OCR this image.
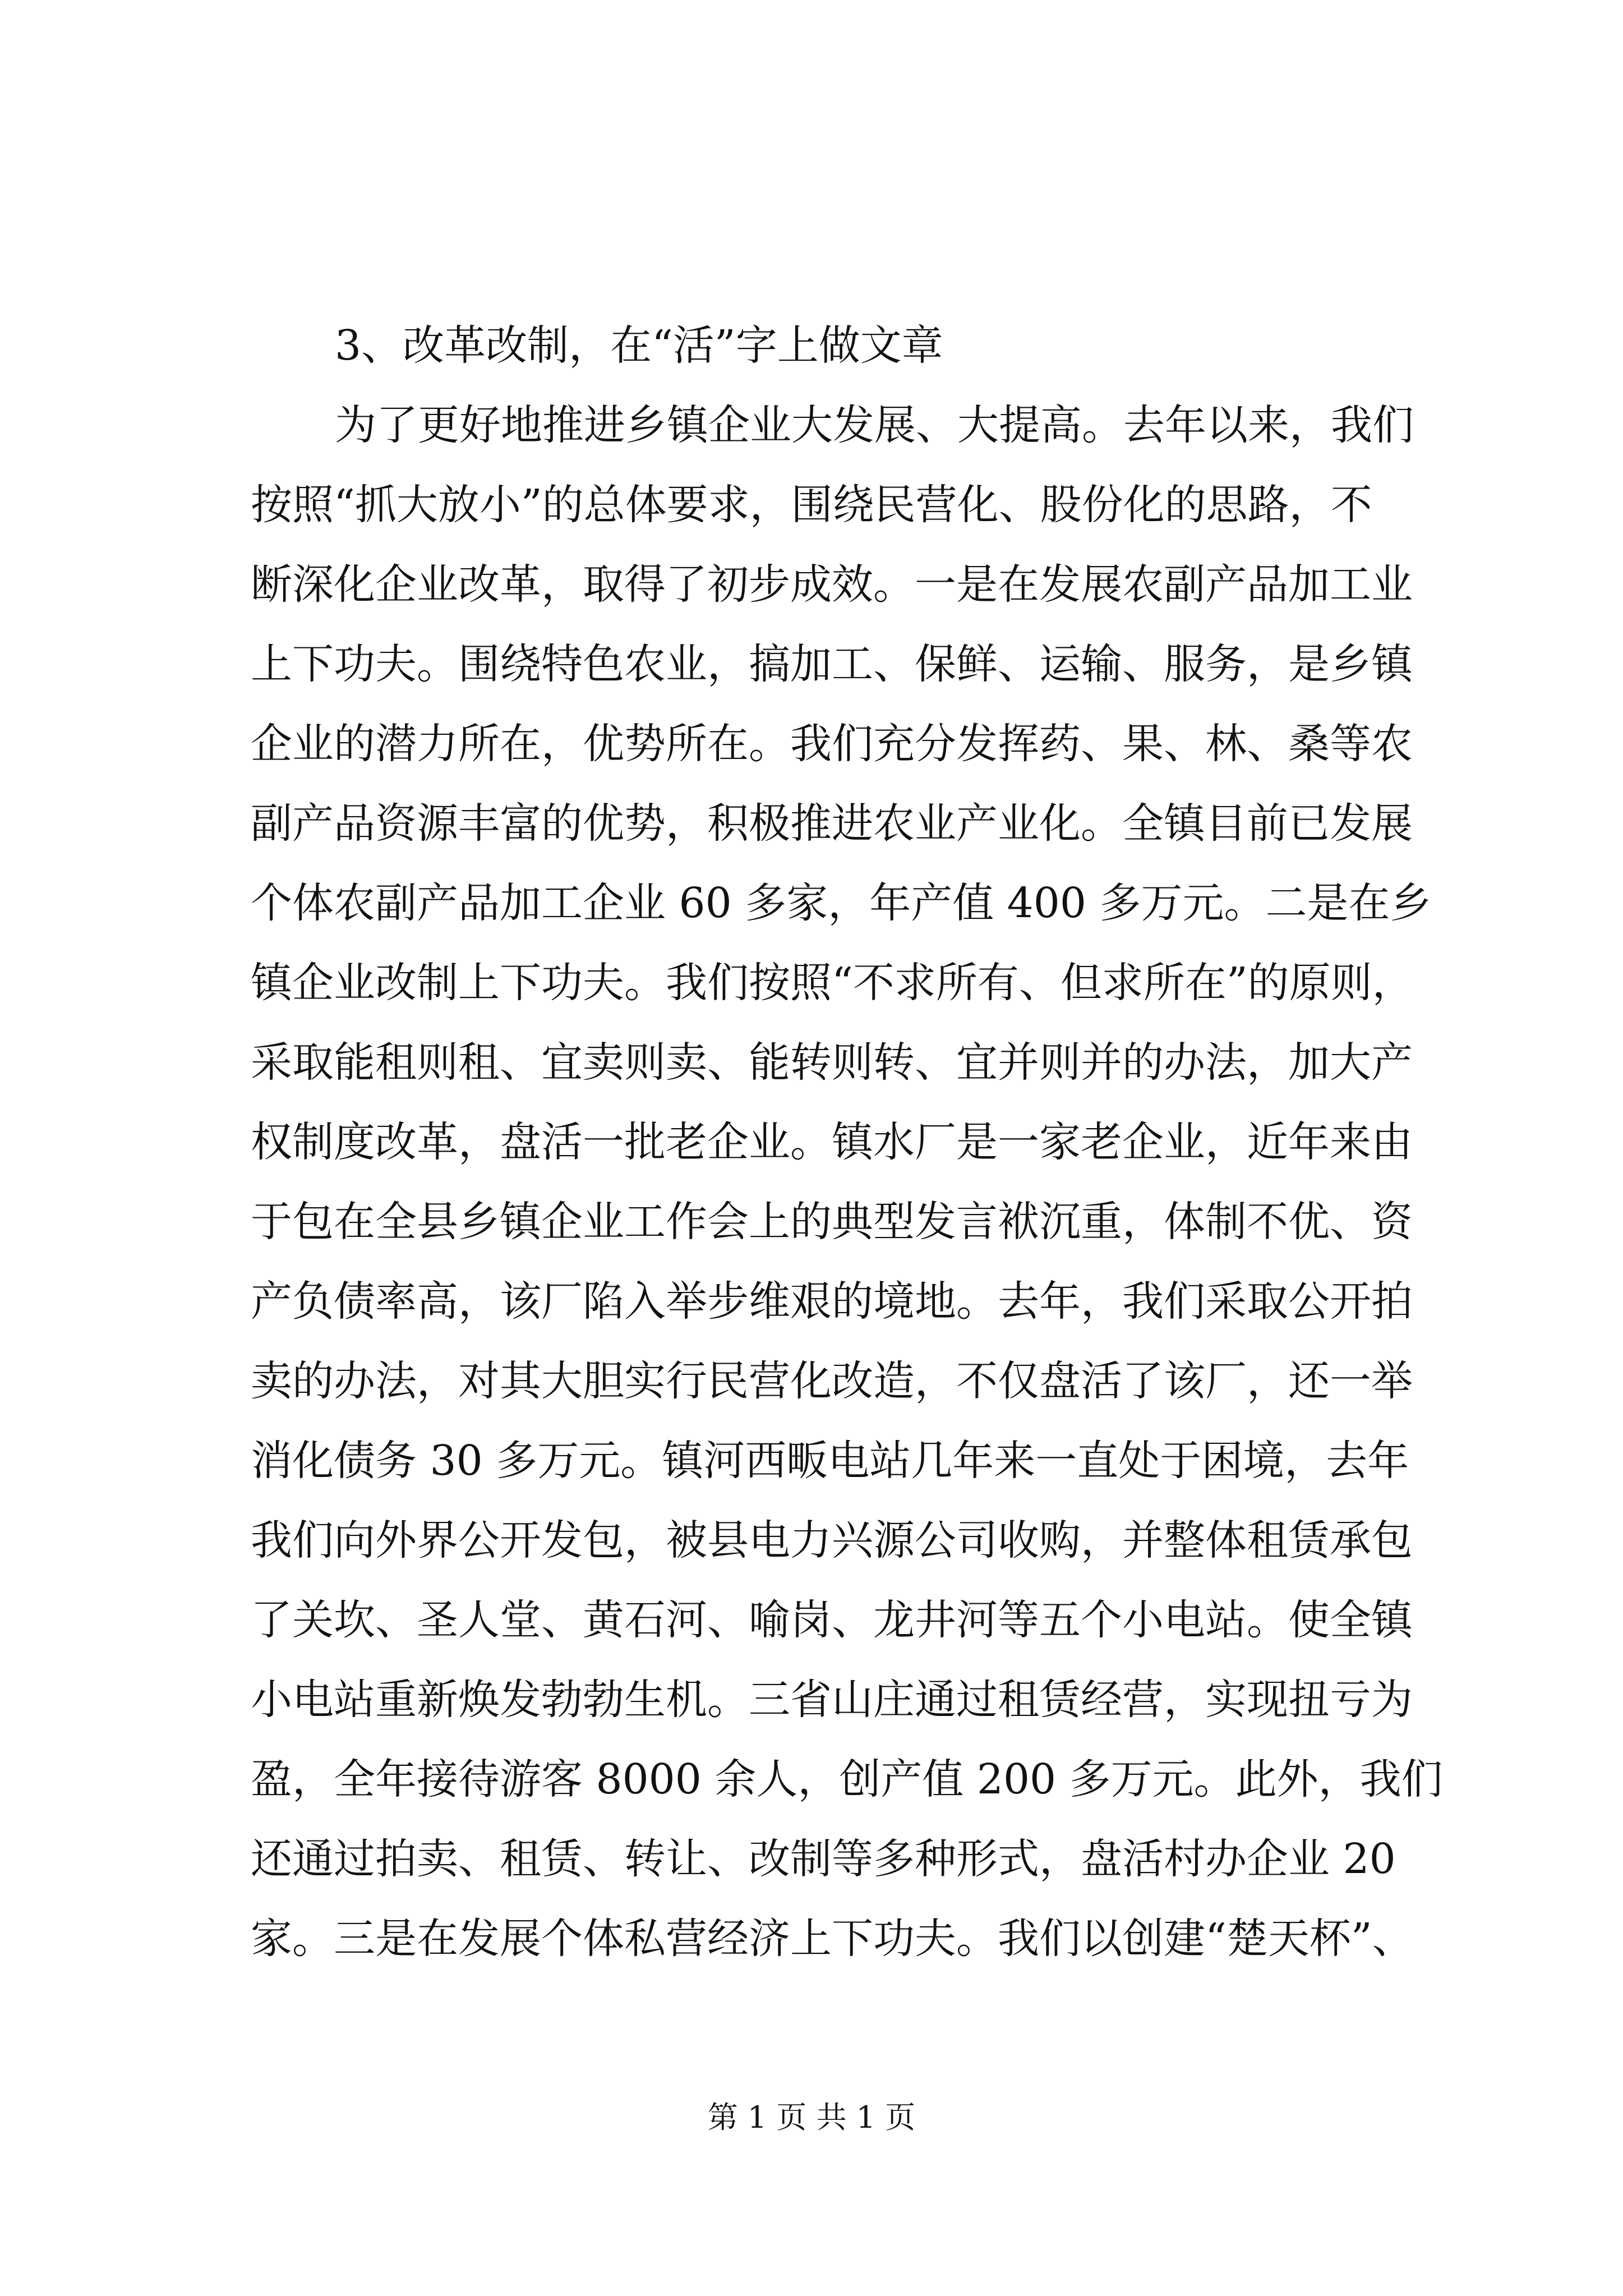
3、改革改制，在“活”字上做文章
为了更好地推进乡镇企业大发展、大提高。去年以来，我们
按照“抓大放小”的总体要求，围绕民营化、股份化的思路，不
断深化企业改革，取得了初步成效。一是在发展农副产品加工业
上下功夫。围绕特色农业，搞加工、保鲜、运输、服务，是乡镇
企业的潜力所在，优势所在。我们充分发挥药、果、林、桑等农
副产品资源丰富的优势，积极推进农业产业化。全镇目前已发展
个体农副产品加工企业 60 多家，年产值 400 多万元。二是在乡
镇企业改制上下功夫。我们按照“不求所有、但求所在”的原则，
采取能租则租、宜卖则卖、能转则转、宜并则并的办法，加大产
权制度改革，盘活一批老企业。镇水厂是一家老企业，近年来由
于包在全县乡镇企业工作会上的典型发言袱沉重，体制不优、资
产负债率高，该厂陷入举步维艰的境地。去年，我们采取公开拍
卖的办法，对其大胆实行民营化改造，不仅盘活了该厂，还一举
消化债务 30 多万元。镇河西畈电站几年来一直处于困境，去年
我们向外界公开发包，被县电力兴源公司收购，并整体租赁承包
了关坎、圣人堂、黄石河、喻岗、龙井河等五个小电站。使全镇
小电站重新焕发勃勃生机。三省山庄通过租赁经营，实现扭亏为
盈，全年接待游客 8000 余人，创产值 200 多万元。此外，我们
还通过拍卖、租赁、转让、改制等多种形式，盘活村办企业 20
家。三是在发展个体私营经济上下功夫。我们以创建“楚天杯”、
第 1 页 共 1 页
